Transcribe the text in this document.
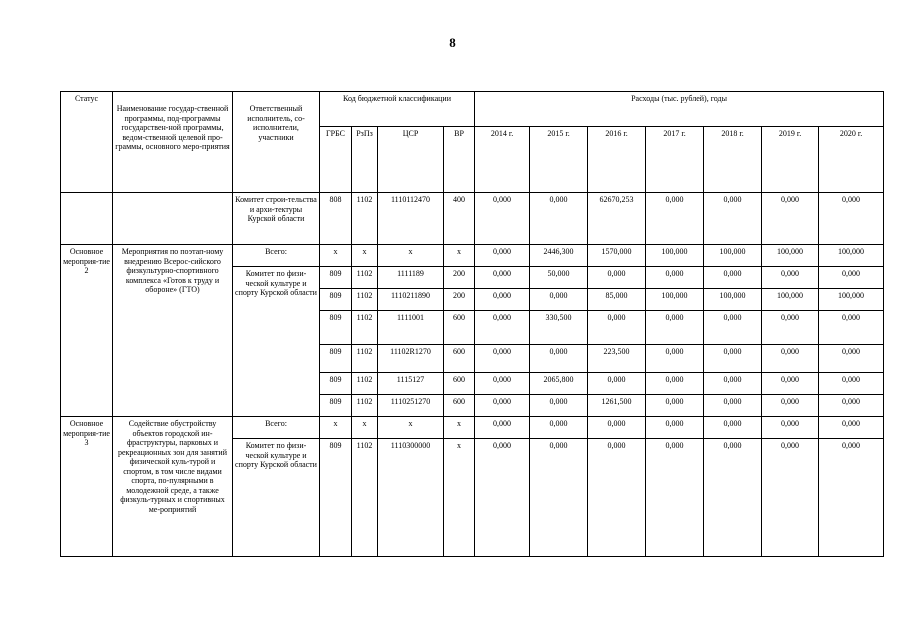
8
Статус	Наименование государ-ственной программы, под-программы государствен-ной программы, ведом-ственной целевой про-граммы, основного меро-приятия	Ответственный исполнитель, со-исполнители, участники	Код бюджетной классификации				Расходы (тыс. рублей), годы						
			ГРБС	РзПз	ЦСР	ВР	2014 г.	2015 г.	2016 г.	2017 г.	2018 г.	2019 г.	2020 г.
		Комитет строи-тельства и архи-тектуры Курской области	808	1102	1110112470	400	0,000	0,000	62670,253	0,000	0,000	0,000	0,000
Основное мероприя-тие 2	Мероприятия по поэтап-ному внедрению Всерос-сийского физкультурно-спортивного комплекса «Готов к труду и обороне» (ГТО)	Всего:	x	x	x	x	0,000	2446,300	1570,000	100,000	100,000	100,000	100,000
		Комитет по физи-ческой культуре и спорту Курской области	809	1102	1111189	200	0,000	50,000	0,000	0,000	0,000	0,000	0,000
			809	1102	1110211890	200	0,000	0,000	85,000	100,000	100,000	100,000	100,000
			809	1102	1111001	600	0,000	330,500	0,000	0,000	0,000	0,000	0,000
			809	1102	11102R1270	600	0,000	0,000	223,500	0,000	0,000	0,000	0,000
			809	1102	1115127	600	0,000	2065,800	0,000	0,000	0,000	0,000	0,000
			809	1102	1110251270	600	0,000	0,000	1261,500	0,000	0,000	0,000	0,000
Основное мероприя-тие 3	Содействие обустройству объектов городской ин-фраструктуры, парковых и рекреационных зон для занятий физической куль-турой и спортом, в том числе видами спорта, по-пулярными в молодежной среде, а также физкуль-турных и спортивных ме-роприятий	Всего:	x	x	x	x	0,000	0,000	0,000	0,000	0,000	0,000	0,000
		Комитет по физи-ческой культуре и спорту Курской области	809	1102	1110300000	x	0,000	0,000	0,000	0,000	0,000	0,000	0,000
